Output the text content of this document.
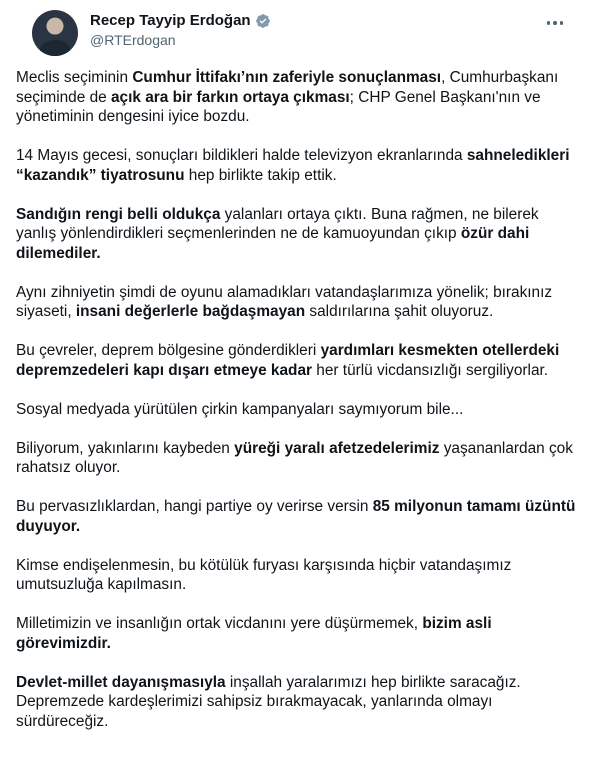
Recep Tayyip Erdoğan
@RTErdogan

Meclis seçiminin Cumhur İttifakı’nın zaferiyle sonuçlanması, Cumhurbaşkanı seçiminde de açık ara bir farkın ortaya çıkması; CHP Genel Başkanı'nın ve yönetiminin dengesini iyice bozdu.

14 Mayıs gecesi, sonuçları bildikleri halde televizyon ekranlarında sahneledikleri “kazandık” tiyatrosunu hep birlikte takip ettik.

Sandığın rengi belli oldukça yalanları ortaya çıktı. Buna rağmen, ne bilerek yanlış yönlendirdikleri seçmenlerinden ne de kamuoyundan çıkıp özür dahi dilemediler.

Aynı zihniyetin şimdi de oyunu alamadıkları vatandaşlarımıza yönelik; bırakınız siyaseti, insani değerlerle bağdaşmayan saldırılarına şahit oluyoruz.

Bu çevreler, deprem bölgesine gönderdikleri yardımları kesmekten otellerdeki depremzedeleri kapı dışarı etmeye kadar her türlü vicdansızlığı sergiliyorlar.

Sosyal medyada yürütülen çirkin kampanyaları saymıyorum bile...

Biliyorum, yakınlarını kaybeden yüreği yaralı afetzedelerimiz yaşananlardan çok rahatsız oluyor.

Bu pervasızlıklardan, hangi partiye oy verirse versin 85 milyonun tamamı üzüntü duyuyor.

Kimse endişelenmesin, bu kötülük furyası karşısında hiçbir vatandaşımız umutsuzluğa kapılmasın.

Milletimizin ve insanlığın ortak vicdanını yere düşürmemek, bizim asli görevimizdir.

Devlet-millet dayanışmasıyla inşallah yaralarımızı hep birlikte saracağız. Depremzede kardeşlerimizi sahipsiz bırakmayacak, yanlarında olmayı sürdüreceğiz.
